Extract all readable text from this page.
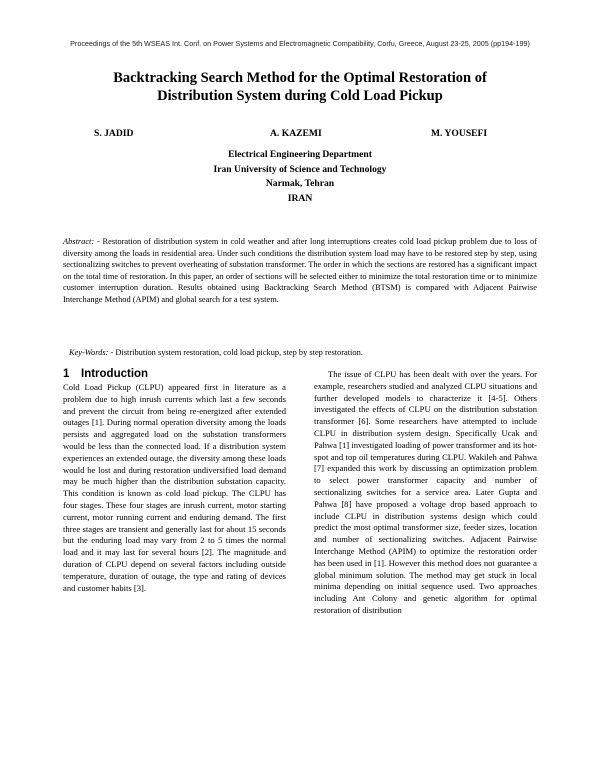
Proceedings of the 5th WSEAS Int. Conf. on Power Systems and Electromagnetic Compatibility, Corfu, Greece, August 23-25, 2005 (pp194-199)
Backtracking Search Method for the Optimal Restoration of
Distribution System during Cold Load Pickup
S. JADID	A. KAZEMI	M. YOUSEFI
Electrical Engineering Department
Iran University of Science and Technology
Narmak, Tehran
IRAN
Abstract: - Restoration of distribution system in cold weather and after long interruptions creates cold load pickup problem due to loss of diversity among the loads in residential area. Under such conditions the distribution system load may have to be restored step by step, using sectionalizing switches to prevent overheating of substation transformer. The order in which the sections are restored has a significant impact on the total time of restoration. In this paper, an order of sections will be selected either to minimize the total restoration time or to minimize customer interruption duration. Results obtained using Backtracking Search Method (BTSM) is compared with Adjacent Pairwise Interchange Method (APIM) and global search for a test system.
Key-Words: - Distribution system restoration, cold load pickup, step by step restoration.
1 Introduction
Cold Load Pickup (CLPU) appeared first in literature as a problem due to high inrush currents which last a few seconds and prevent the circuit from being re-energized after extended outages [1]. During normal operation diversity among the loads persists and aggregated load on the substation transformers would be less than the connected load. If a distribution system experiences an extended outage, the diversity among these loads would be lost and during restoration undiversified load demand may be much higher than the distribution substation capacity. This condition is known as cold load pickup. The CLPU has four stages. These four stages are inrush current, motor starting current, motor running current and enduring demand. The first three stages are transient and generally last for about 15 seconds but the enduring load may vary from 2 to 5 times the normal load and it may last for several hours [2]. The magnitude and duration of CLPU depend on several factors including outside temperature, duration of outage, the type and rating of devices and customer habits [3].
The issue of CLPU has been dealt with over the years. For example, researchers studied and analyzed CLPU situations and further developed models to characterize it [4-5]. Others investigated the effects of CLPU on the distribution substation transformer [6]. Some researchers have attempted to include CLPU in distribution system design. Specifically Ucak and Pahwa [1] investigated loading of power transformer and its hot-spot and top oil temperatures during CLPU. Wakileh and Pahwa [7] expanded this work by discussing an optimization problem to select power transformer capacity and number of sectionalizing switches for a service area. Later Gupta and Pahwa [8] have proposed a voltage drop based approach to include CLPU in distribution systems design which could predict the most optimal transformer size, feeder sizes, location and number of sectionalizing switches. Adjacent Pairwise Interchange Method (APIM) to optimize the restoration order has been used in [1]. However this method does not guarantee a global minimum solution. The method may get stuck in local minima depending on initial sequence used. Two approaches including Ant Colony and genetic algorithm for optimal restoration of distribution
